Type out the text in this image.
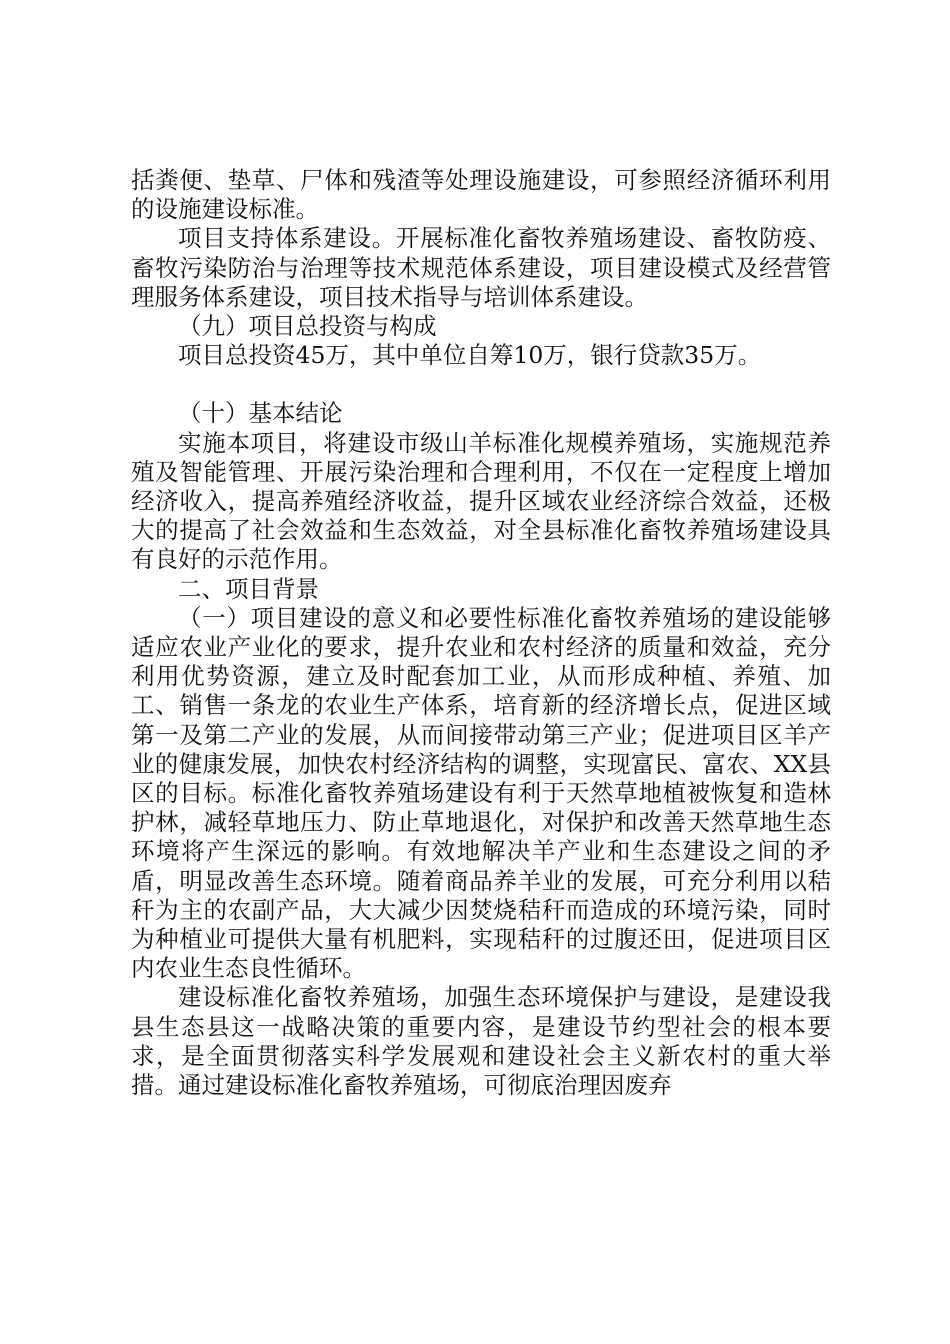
括粪便、垫草、尸体和残渣等处理设施建设，可参照经济循环利用的设施建设标准。

项目支持体系建设。开展标准化畜牧养殖场建设、畜牧防疫、畜牧污染防治与治理等技术规范体系建设，项目建设模式及经营管理服务体系建设，项目技术指导与培训体系建设。

（九）项目总投资与构成

项目总投资45万，其中单位自筹10万，银行贷款35万。

（十）基本结论

实施本项目，将建设市级山羊标准化规模养殖场，实施规范养殖及智能管理、开展污染治理和合理利用，不仅在一定程度上增加经济收入，提高养殖经济收益，提升区域农业经济综合效益，还极大的提高了社会效益和生态效益，对全县标准化畜牧养殖场建设具有良好的示范作用。

二、项目背景

（一）项目建设的意义和必要性标准化畜牧养殖场的建设能够适应农业产业化的要求，提升农业和农村经济的质量和效益，充分利用优势资源，建立及时配套加工业，从而形成种植、养殖、加工、销售一条龙的农业生产体系，培育新的经济增长点，促进区域第一及第二产业的发展，从而间接带动第三产业；促进项目区羊产业的健康发展，加快农村经济结构的调整，实现富民、富农、XX县区的目标。标准化畜牧养殖场建设有利于天然草地植被恢复和造林护林，减轻草地压力、防止草地退化，对保护和改善天然草地生态环境将产生深远的影响。有效地解决羊产业和生态建设之间的矛盾，明显改善生态环境。随着商品养羊业的发展，可充分利用以秸秆为主的农副产品，大大减少因焚烧秸秆而造成的环境污染，同时为种植业可提供大量有机肥料，实现秸秆的过腹还田，促进项目区内农业生态良性循环。

建设标准化畜牧养殖场，加强生态环境保护与建设，是建设我县生态县这一战略决策的重要内容，是建设节约型社会的根本要求，是全面贯彻落实科学发展观和建设社会主义新农村的重大举措。通过建设标准化畜牧养殖场，可彻底治理因废弃
